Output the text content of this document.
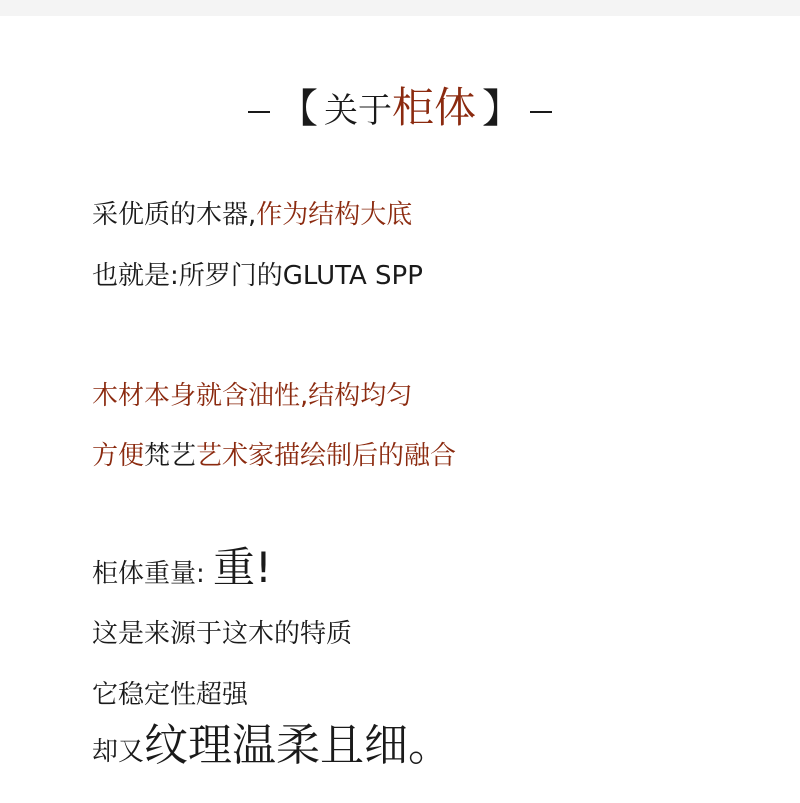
【 关于柜体 】
采优质的木器,作为结构大底
也就是:所罗门的GLUTA SPP
木材本身就含油性,结构均匀
方便梵艺艺术家描绘制后的融合
柜体重量: 重!
这是来源于这木的特质
它稳定性超强
却又纹理温柔且细。
